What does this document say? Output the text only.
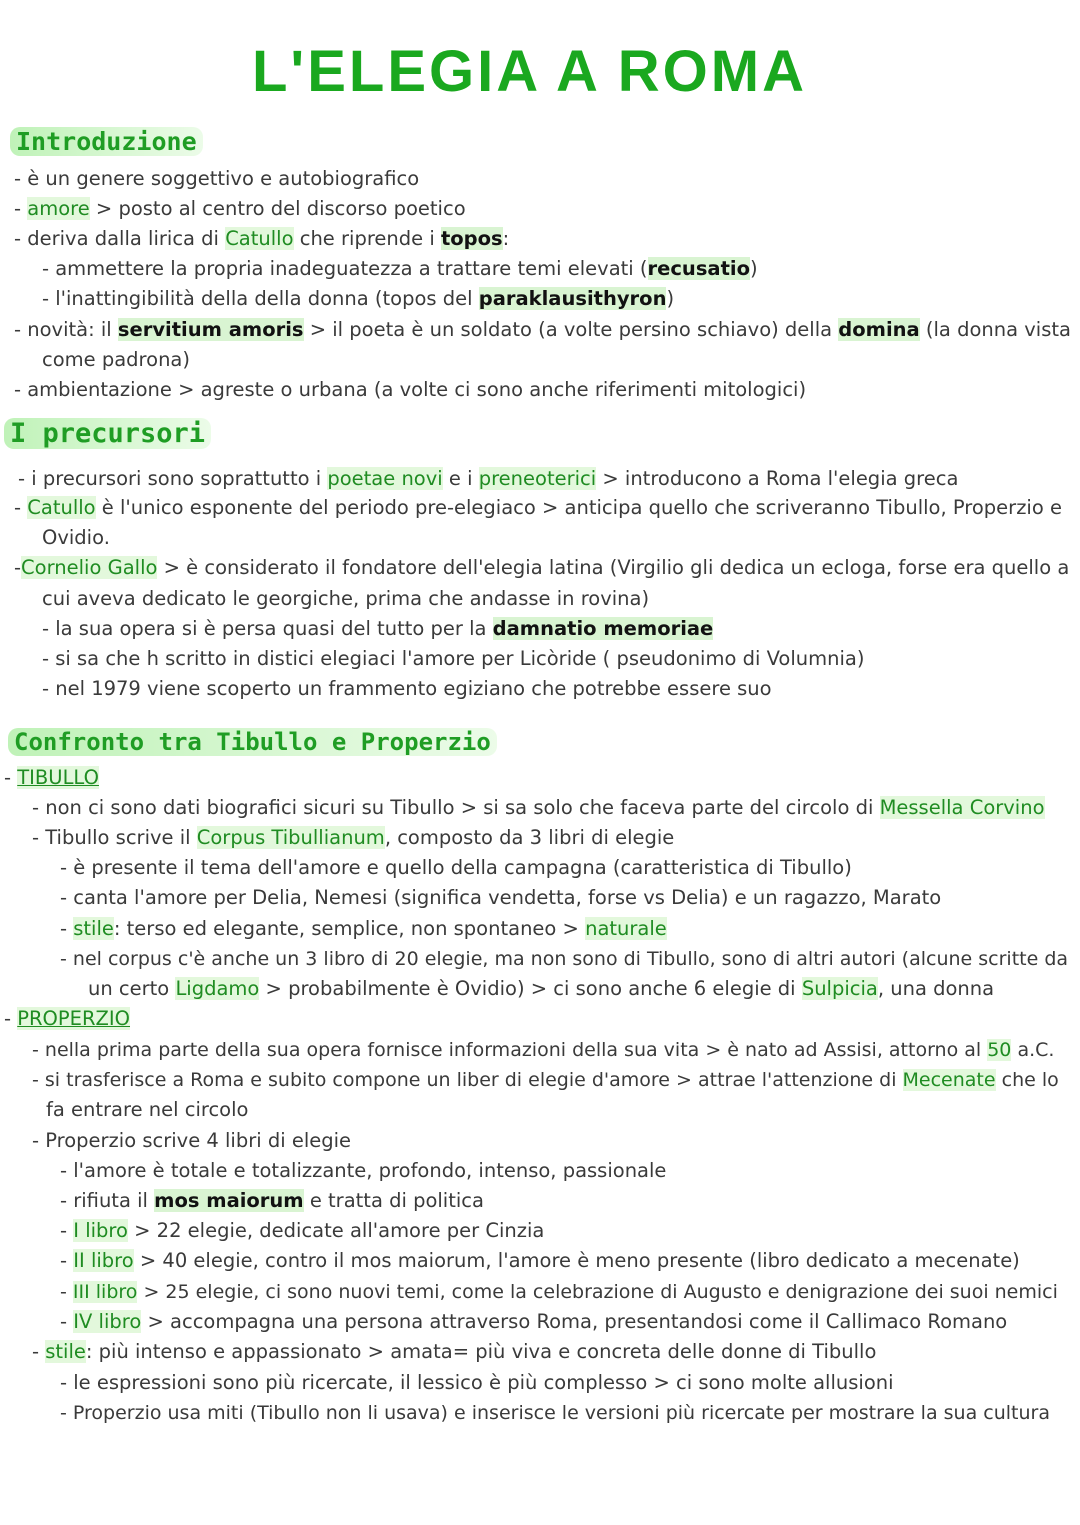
L'ELEGIA A ROMA
Introduzione

- è un genere soggettivo e autobiografico

- amore > posto al centro del discorso poetico

- deriva dalla lirica di Catullo che riprende i topos:

- ammettere la propria inadeguatezza a trattare temi elevati (recusatio)

- l'inattingibilità della della donna (topos del paraklausithyron)

- novità: il servitium amoris > il poeta è un soldato (a volte persino schiavo) della domina (la donna vista

come padrona)

- ambientazione > agreste o urbana (a volte ci sono anche riferimenti mitologici)

I precursori

- i precursori sono soprattutto i poetae novi e i preneoterici > introducono a Roma l'elegia greca

- Catullo è l'unico esponente del periodo pre-elegiaco > anticipa quello che scriveranno Tibullo, Properzio e

Ovidio.

-Cornelio Gallo > è considerato il fondatore dell'elegia latina (Virgilio gli dedica un ecloga, forse era quello a

cui aveva dedicato le georgiche, prima che andasse in rovina)

- la sua opera si è persa quasi del tutto per la damnatio memoriae

- si sa che h scritto in distici elegiaci l'amore per Licòride ( pseudonimo di Volumnia)

- nel 1979 viene scoperto un frammento egiziano che potrebbe essere suo

Confronto tra Tibullo e Properzio

- TIBULLO

- non ci sono dati biografici sicuri su Tibullo > si sa solo che faceva parte del circolo di Messella Corvino

- Tibullo scrive il Corpus Tibullianum, composto da 3 libri di elegie

- è presente il tema dell'amore e quello della campagna (caratteristica di Tibullo)

- canta l'amore per Delia, Nemesi (significa vendetta, forse vs Delia) e un ragazzo, Marato

- stile: terso ed elegante, semplice, non spontaneo > naturale

- nel corpus c'è anche un 3 libro di 20 elegie, ma non sono di Tibullo, sono di altri autori (alcune scritte da

un certo Ligdamo > probabilmente è Ovidio) > ci sono anche 6 elegie di Sulpicia, una donna

- PROPERZIO

- nella prima parte della sua opera fornisce informazioni della sua vita > è nato ad Assisi, attorno al 50 a.C.

- si trasferisce a Roma e subito compone un liber di elegie d'amore > attrae l'attenzione di Mecenate che lo

fa entrare nel circolo

- Properzio scrive 4 libri di elegie

- l'amore è totale e totalizzante, profondo, intenso, passionale

- rifiuta il mos maiorum e tratta di politica

- I libro > 22 elegie, dedicate all'amore per Cinzia

- II libro > 40 elegie, contro il mos maiorum, l'amore è meno presente (libro dedicato a mecenate)

- III libro > 25 elegie, ci sono nuovi temi, come la celebrazione di Augusto e denigrazione dei suoi nemici

- IV libro > accompagna una persona attraverso Roma, presentandosi come il Callimaco Romano

- stile: più intenso e appassionato > amata= più viva e concreta delle donne di Tibullo

- le espressioni sono più ricercate, il lessico è più complesso > ci sono molte allusioni

- Properzio usa miti (Tibullo non li usava) e inserisce le versioni più ricercate per mostrare la sua cultura
